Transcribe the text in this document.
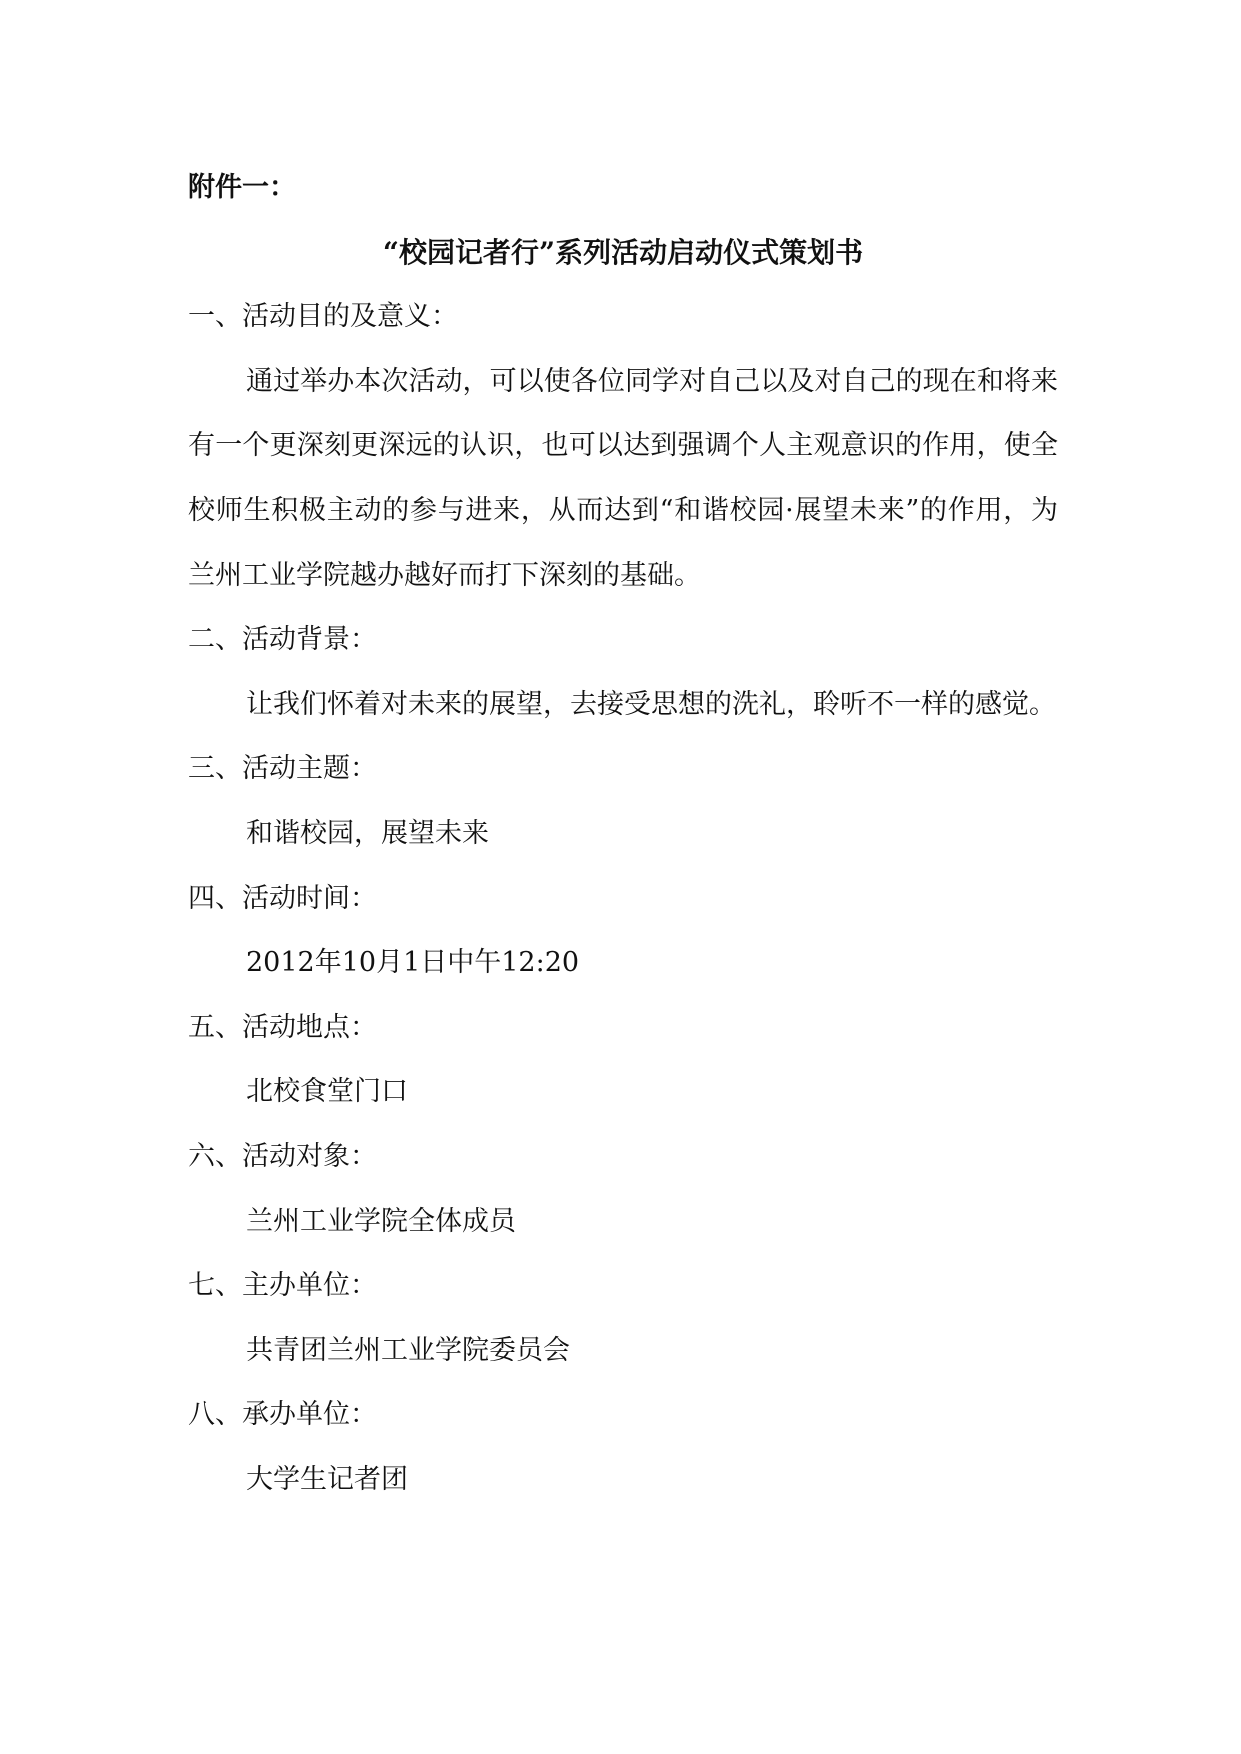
附件一：
“校园记者行”系列活动启动仪式策划书
一、活动目的及意义：

通过举办本次活动，可以使各位同学对自己以及对自己的现在和将来有一个更深刻更深远的认识，也可以达到强调个人主观意识的作用，使全校师生积极主动的参与进来，从而达到“和谐校园·展望未来”的作用，为兰州工业学院越办越好而打下深刻的基础。

二、活动背景：

让我们怀着对未来的展望，去接受思想的洗礼，聆听不一样的感觉。

三、活动主题：
和谐校园，展望未来
四、活动时间：
2012年10月1日中午12:20
五、活动地点：
北校食堂门口
六、活动对象：
兰州工业学院全体成员
七、主办单位：
共青团兰州工业学院委员会
八、承办单位：
大学生记者团
